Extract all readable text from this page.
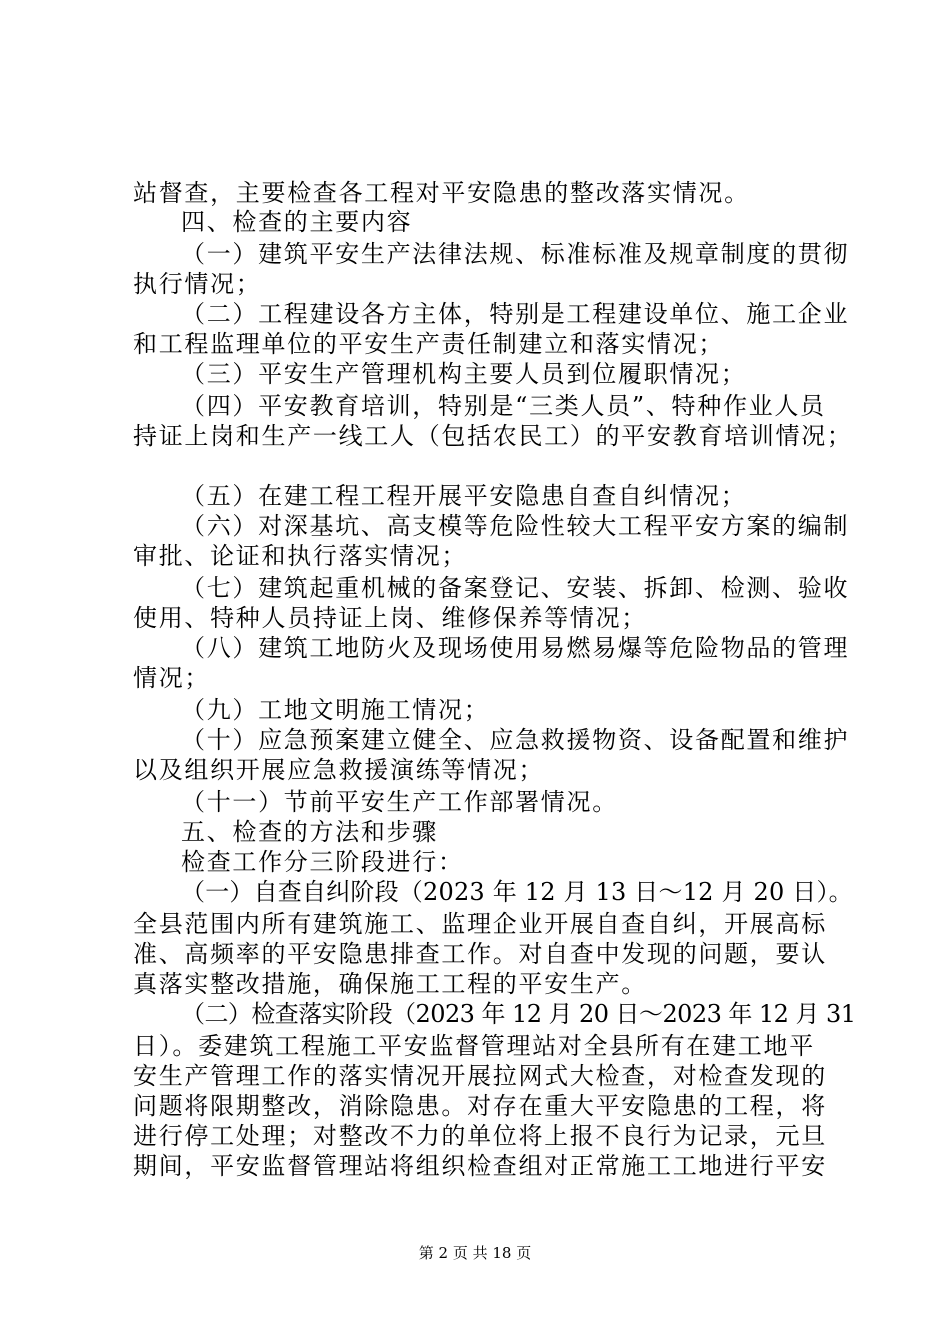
站督查，主要检查各工程对平安隐患的整改落实情况。
四、检查的主要内容
（一）建筑平安生产法律法规、标准标准及规章制度的贯彻
执行情况；
（二）工程建设各方主体，特别是工程建设单位、施工企业
和工程监理单位的平安生产责任制建立和落实情况；
（三）平安生产管理机构主要人员到位履职情况；
（四）平安教育培训，特别是“三类人员”、特种作业人员
持证上岗和生产一线工人（包括农民工）的平安教育培训情况；
（五）在建工程工程开展平安隐患自查自纠情况；
（六）对深基坑、高支模等危险性较大工程平安方案的编制
审批、论证和执行落实情况；
（七）建筑起重机械的备案登记、安装、拆卸、检测、验收
使用、特种人员持证上岗、维修保养等情况；
（八）建筑工地防火及现场使用易燃易爆等危险物品的管理
情况；
（九）工地文明施工情况；
（十）应急预案建立健全、应急救援物资、设备配置和维护
以及组织开展应急救援演练等情况；
（十一）节前平安生产工作部署情况。
五、检查的方法和步骤
检查工作分三阶段进行：
（一）自查自纠阶段（2023 年 12 月 13 日～12 月 20 日）。
全县范围内所有建筑施工、监理企业开展自查自纠，开展高标
准、高频率的平安隐患排查工作。对自查中发现的问题，要认
真落实整改措施，确保施工工程的平安生产。
（二）检查落实阶段（2023 年 12 月 20 日～2023 年 12 月 31
日）。委建筑工程施工平安监督管理站对全县所有在建工地平
安生产管理工作的落实情况开展拉网式大检查，对检查发现的
问题将限期整改，消除隐患。对存在重大平安隐患的工程，将
进行停工处理；对整改不力的单位将上报不良行为记录，元旦
期间，平安监督管理站将组织检查组对正常施工工地进行平安
第 2 页 共 18 页
